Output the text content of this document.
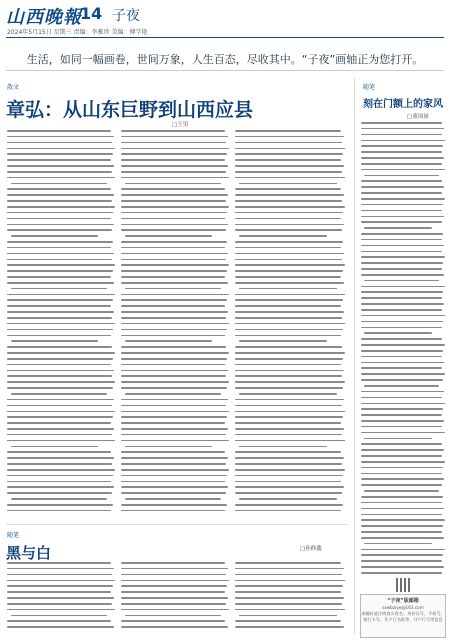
山西晚報
14 子夜
2024年5月15日 星期三 责编：李雅珍 美编：傅学艳
生活，如同一幅画卷，世间万象，人生百态，尽收其中。“子夜”画轴正为您打开。
散文
章弘：从山东巨野到山西应县
□王男
随笔
黑与白	□孙修鑫
随笔
刻在门额上的家风
□董国禄
“子夜”版邮箱
sxwbziye@163.com
来稿时请注明真实姓名、身份证号、手机号、银行卡号、开户行名称等、开户行号等信息
